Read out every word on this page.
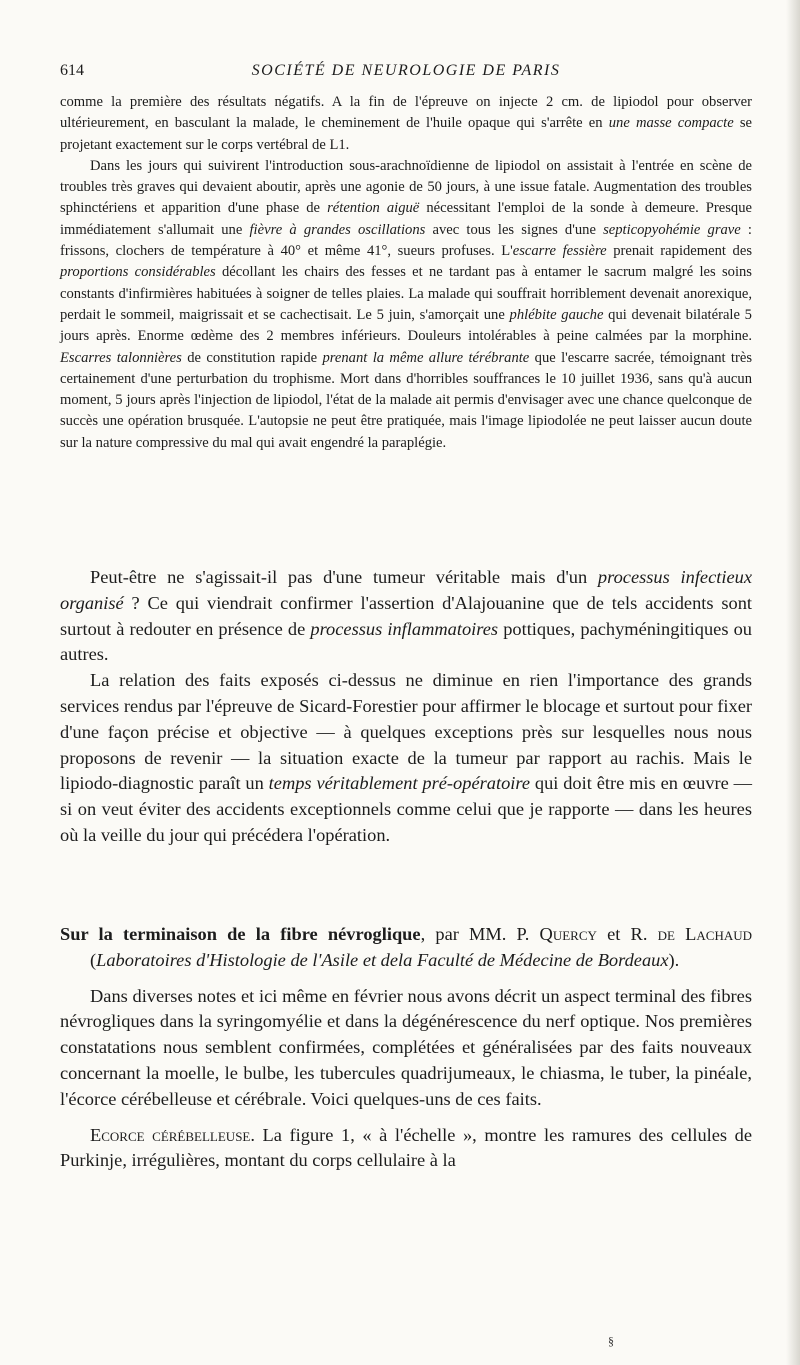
614	SOCIÉTÉ DE NEUROLOGIE DE PARIS

comme la première des résultats négatifs. A la fin de l'épreuve on injecte 2 cm. de lipiodol pour observer ultérieurement, en basculant la malade, le cheminement de l'huile opaque qui s'arrête en une masse compacte se projetant exactement sur le corps vertébral de L1.

Dans les jours qui suivirent l'introduction sous-arachnoïdienne de lipiodol on assistait à l'entrée en scène de troubles très graves qui devaient aboutir, après une agonie de 50 jours, à une issue fatale. Augmentation des troubles sphinctériens et apparition d'une phase de rétention aiguë nécessitant l'emploi de la sonde à demeure. Presque immédiatement s'allumait une fièvre à grandes oscillations avec tous les signes d'une septicopyohémie grave : frissons, clochers de température à 40° et même 41°, sueurs profuses. L'escarre fessière prenait rapidement des proportions considérables décollant les chairs des fesses et ne tardant pas à entamer le sacrum malgré les soins constants d'infirmières habituées à soigner de telles plaies. La malade qui souffrait horriblement devenait anorexique, perdait le sommeil, maigrissait et se cachectisait. Le 5 juin, s'amorçait une phlébite gauche qui devenait bilatérale 5 jours après. Enorme œdème des 2 membres inférieurs. Douleurs intolérables à peine calmées par la morphine. Escarres talonnières de constitution rapide prenant la même allure térébrante que l'escarre sacrée, témoignant très certainement d'une perturbation du trophisme. Mort dans d'horribles souffrances le 10 juillet 1936, sans qu'à aucun moment, 5 jours après l'injection de lipiodol, l'état de la malade ait permis d'envisager avec une chance quelconque de succès une opération brusquée. L'autopsie ne peut être pratiquée, mais l'image lipiodolée ne peut laisser aucun doute sur la nature compressive du mal qui avait engendré la paraplégie.

Peut-être ne s'agissait-il pas d'une tumeur véritable mais d'un processus infectieux organisé ? Ce qui viendrait confirmer l'assertion d'Alajouanine que de tels accidents sont surtout à redouter en présence de processus inflammatoires pottiques, pachyméningitiques ou autres.

La relation des faits exposés ci-dessus ne diminue en rien l'importance des grands services rendus par l'épreuve de Sicard-Forestier pour affirmer le blocage et surtout pour fixer d'une façon précise et objective — à quelques exceptions près sur lesquelles nous nous proposons de revenir — la situation exacte de la tumeur par rapport au rachis. Mais le lipiodo-diagnostic paraît un temps véritablement pré-opératoire qui doit être mis en œuvre — si on veut éviter des accidents exceptionnels comme celui que je rapporte — dans les heures où la veille du jour qui précédera l'opération.

Sur la terminaison de la fibre névroglique, par MM. P. Quercy et R. de Lachaud (Laboratoires d'Histologie de l'Asile et dela Faculté de Médecine de Bordeaux).

Dans diverses notes et ici même en février nous avons décrit un aspect terminal des fibres névrogliques dans la syringomyélie et dans la dégénérescence du nerf optique. Nos premières constatations nous semblent confirmées, complétées et généralisées par des faits nouveaux concernant la moelle, le bulbe, les tubercules quadrijumeaux, le chiasma, le tuber, la pinéale, l'écorce cérébelleuse et cérébrale. Voici quelques-uns de ces faits.

Ecorce cérébelleuse. La figure 1, « à l'échelle », montre les ramures des cellules de Purkinje, irrégulières, montant du corps cellulaire à la

§
